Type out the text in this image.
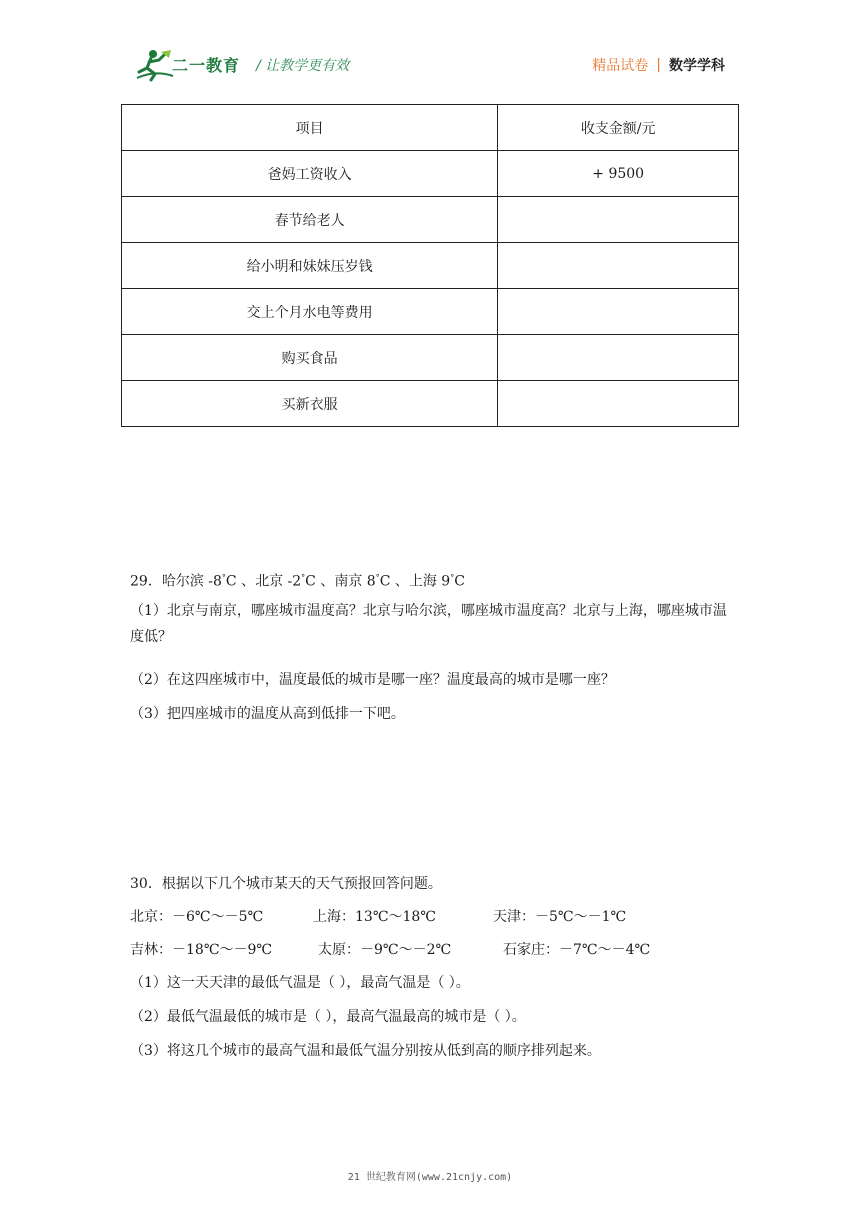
二一教育 / 让教学更有效	精品试卷 | 数学学科
项目	收支金额/元
爸妈工资收入	+ 9500
春节给老人	
给小明和妹妹压岁钱	
交上个月水电等费用	
购买食品	
买新衣服	
29．哈尔滨 -8°C 、北京 -2°C 、南京 8°C 、上海 9°C
（1）北京与南京，哪座城市温度高？北京与哈尔滨，哪座城市温度高？北京与上海，哪座城市温度低？
（2）在这四座城市中，温度最低的城市是哪一座？温度最高的城市是哪一座？
（3）把四座城市的温度从高到低排一下吧。
30．根据以下几个城市某天的天气预报回答问题。
北京：－6℃～－5℃	上海：13℃～18℃	天津：－5℃～－1℃
吉林：－18℃～－9℃	太原：－9℃～－2℃	石家庄：－7℃～－4℃
（1）这一天天津的最低气温是（ ），最高气温是（ ）。
（2）最低气温最低的城市是（ ），最高气温最高的城市是（ ）。
（3）将这几个城市的最高气温和最低气温分别按从低到高的顺序排列起来。
21 世纪教育网(www.21cnjy.com)
